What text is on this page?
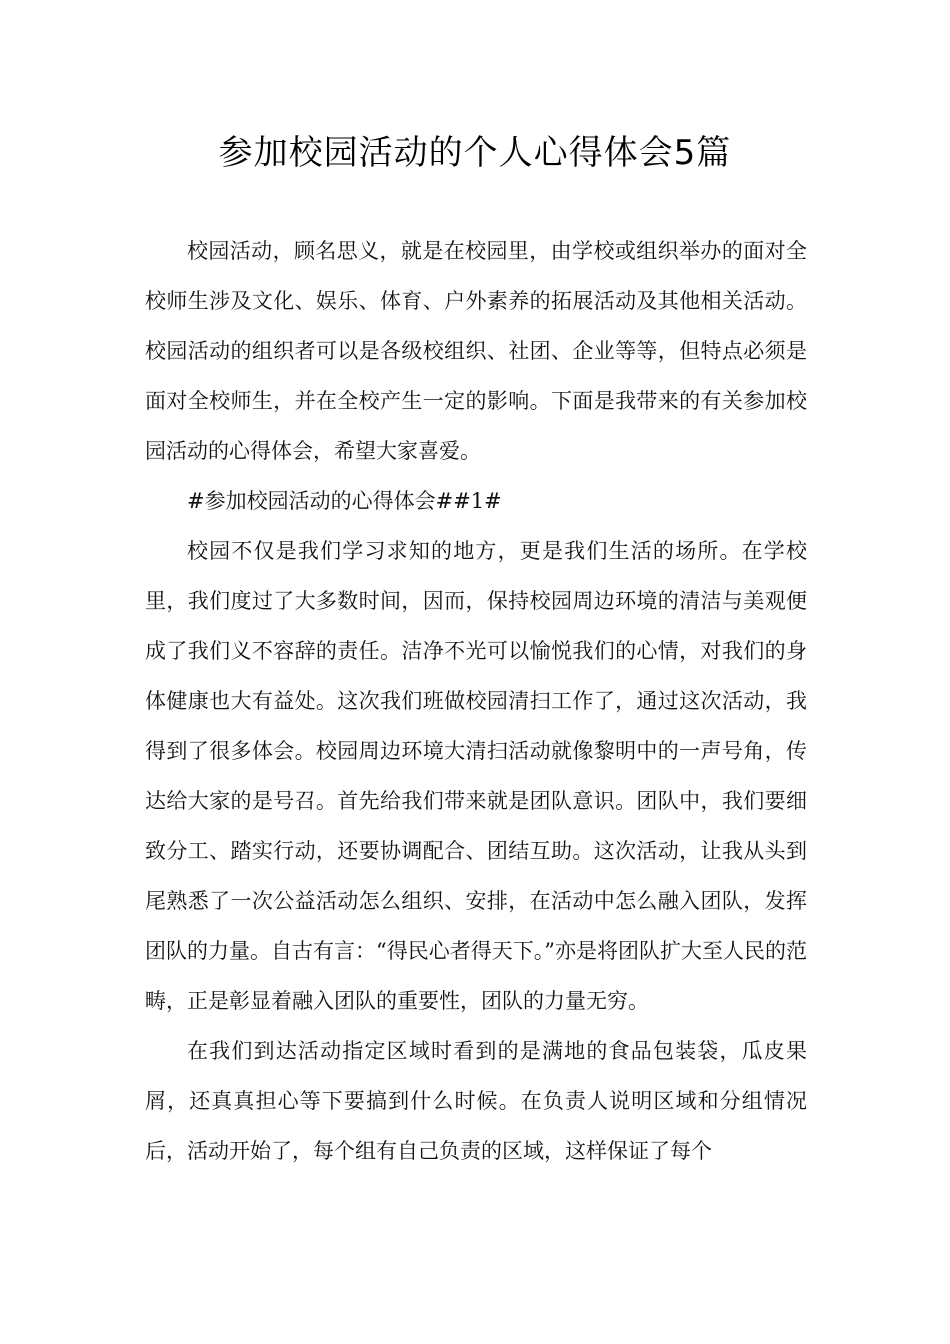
参加校园活动的个人心得体会5篇

校园活动，顾名思义，就是在校园里，由学校或组织举办的面对全校师生涉及文化、娱乐、体育、户外素养的拓展活动及其他相关活动。校园活动的组织者可以是各级校组织、社团、企业等等，但特点必须是面对全校师生，并在全校产生一定的影响。下面是我带来的有关参加校园活动的心得体会，希望大家喜爱。

#参加校园活动的心得体会##1#

校园不仅是我们学习求知的地方，更是我们生活的场所。在学校里，我们度过了大多数时间，因而，保持校园周边环境的清洁与美观便成了我们义不容辞的责任。洁净不光可以愉悦我们的心情，对我们的身体健康也大有益处。这次我们班做校园清扫工作了，通过这次活动，我得到了很多体会。校园周边环境大清扫活动就像黎明中的一声号角，传达给大家的是号召。首先给我们带来就是团队意识。团队中，我们要细致分工、踏实行动，还要协调配合、团结互助。这次活动，让我从头到尾熟悉了一次公益活动怎么组织、安排，在活动中怎么融入团队，发挥团队的力量。自古有言：“得民心者得天下。”亦是将团队扩大至人民的范畴，正是彰显着融入团队的重要性，团队的力量无穷。

在我们到达活动指定区域时看到的是满地的食品包装袋，瓜皮果屑，还真真担心等下要搞到什么时候。在负责人说明区域和分组情况后，活动开始了，每个组有自己负责的区域，这样保证了每个
